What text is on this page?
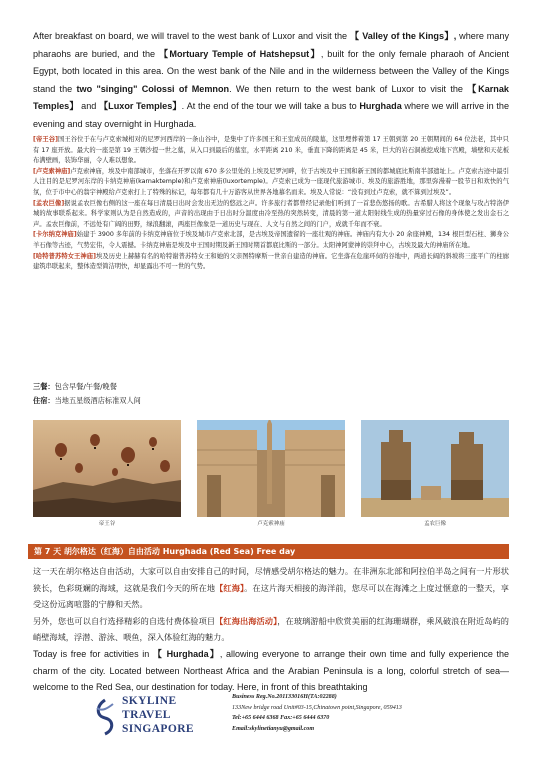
After breakfast on board, we will travel to the west bank of Luxor and visit the 【 Valley of the Kings】, where many pharaohs are buried, and the 【Mortuary Temple of Hatshepsut】, built for the only female pharaoh of Ancient Egypt, both located in this area. On the west bank of the Nile and in the wilderness between the Valley of the Kings stand the two "singing" Colossi of Memnon. We then return to the west bank of Luxor to visit the 【Karnak Temples】 and 【Luxor Temples】. At the end of the tour we will take a bus to Hurghada where we will arrive in the evening and stay overnight in Hurghada.

[帝王谷]国王谷位于在与卢克索城相对的尼罗河西岸的一条山谷中，是集中了许多国王和王室成员的陵墓，这里埋葬着第 17 王朝到第 20 王朝期间的 64 位法老，其中只有 17 座开放。最大的一座是第 19 王朝沙提一世之墓，从入口到最后的墓室，水平距离 210 米，垂直下降的距离是 45 米，巨大的岩石洞被挖成地下宫殿，墙壁和天花板布满壁画，装饰华丽，令人难以想象。

[卢克索神庙]卢克索神庙，埃及中南部城市，坐落在开罗以南 670 多公里处的上埃及尼罗河畔，位于古埃及中王国和新王国的都城底比斯南半部遗址上。卢克索古迹中最引人注目的是尼罗河东岸的卡纳克神庙(karnaktemple)和卢克索神庙(luxortemple)。卢克索已成为一座现代旅游城市、埃及的旅游胜地，那里弥漫着一股节日和欢快的气氛，位于市中心的翁宇神殿给卢克索打上了特殊的标记，每年都有几十万游客从世界各地慕名而来。埃及人常说：“没有到过卢克索，就不算到过埃及”。

[孟农巨像]据说孟农巨像右侧的这一座在每日清晨日出时会发出无边的悠远之声。许多旅行者都曾经记录他们听到了一首悲伤悠扬的歌。古希腊人将这个现象与攻占特洛伊城的故事联系起来。科学家则认为是自然造成的，声音的出现由于日出时分温度由冷至热的突然转变，清晨的第一道太阳射线生成的热量穿过石像的身体使之发出金石之声。孟农巨像前，不远处有广阔的田野，绿浪翻滚，两座巨像象是一道历史与现在、人文与自然之间的门户，成就千年而不衰。

[卡尔纳克神庙]始建于 3900 多年前的卡纳克神庙位于埃及城市卢克索北部，是古埃及帝国遗留的一座壮观的神庙。神庙内有大小 20 余座神殿，134 根巨型石柱、狮身公羊石像等古迹，气势宏伟，令人震撼。卡纳克神庙是埃及中王国时期及新王国时期首都底比斯的一部分。太阳神阿蒙神的崇拜中心，古埃及最大的神庙所在地。

[哈特普苏特女王神庙]埃及历史上赫赫有名的哈特谢普苏特女王和她的父亲图特摩斯一世亲自建造的神庙。它坐落在危崖环伺的谷地中，两道长阔的斜坡将三座平广的柱廊建筑串联起来，整体造型简洁明快，却显露出不可一世的气势。

三餐：包含早餐/午餐/晚餐
住宿：当地五星级酒店标准双人间
帝王谷	卢克索神庙	孟农巨像
第 7 天 胡尔格达（红海）自由活动 Hurghada (Red Sea) Free day

这一天在胡尔格达自由活动，大家可以自由安排自己的时间，尽情感受胡尔格达的魅力。在非洲东北部和阿拉伯半岛之间有一片形状狭长，色彩斑斓的海域，这就是我们今天的所在地【红海】。在这片海天相接的海洋前，您尽可以在海滩之上度过惬意的一整天，享受这份远离喧嚣的宁静和天然。

另外，您也可以自行选择精彩的自选付费体验项目【红海出海活动】，在玻璃游船中欣赏美丽的红海珊瑚群，乘风破浪在附近岛屿的峭壁海域，浮潜、游泳、喂鱼，深入体验红海的魅力。

Today is free for activities in 【 Hurghada】, allowing everyone to arrange their own time and fully experience the charm of the city. Located between Northeast Africa and the Arabian Peninsula is a long, colorful stretch of sea—welcome to the Red Sea, our destination for today. Here, in front of this breathtaking

SKYLINE
TRAVEL
SINGAPORE
Business Reg.No.201133016H(TA:02288)
133New bridge road Unit#03-15,Chinatown point,Singapore, 059413
Tel:+65 6444 6368 Fax:+65 6444 6370
Email:skylinetianyu@gmail.com
